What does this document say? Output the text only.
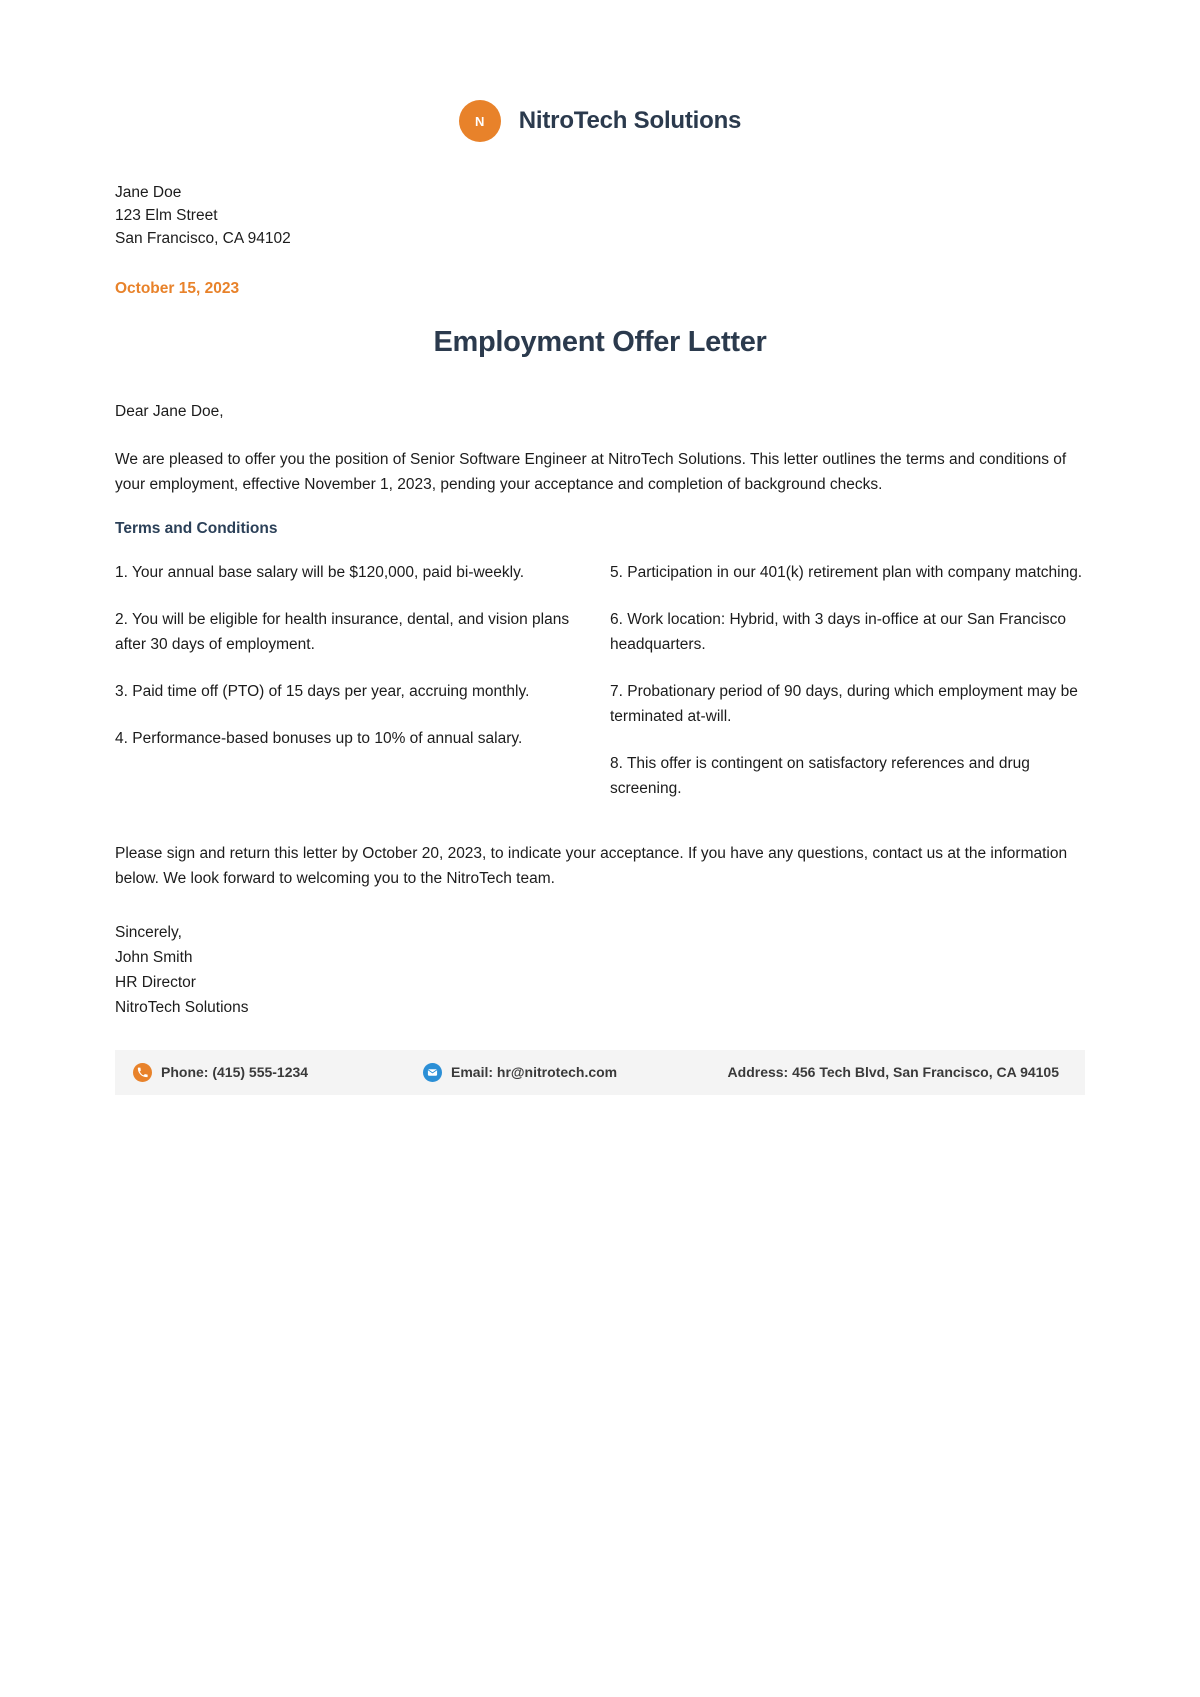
N	NitroTech Solutions
Jane Doe
123 Elm Street
San Francisco, CA 94102
October 15, 2023
Employment Offer Letter
Dear Jane Doe,

We are pleased to offer you the position of Senior Software Engineer at NitroTech Solutions. This letter outlines the terms and conditions of your employment, effective November 1, 2023, pending your acceptance and completion of background checks.

Terms and Conditions
1. Your annual base salary will be $120,000, paid bi-weekly.
2. You will be eligible for health insurance, dental, and vision plans after 30 days of employment.
3. Paid time off (PTO) of 15 days per year, accruing monthly.
4. Performance-based bonuses up to 10% of annual salary.
5. Participation in our 401(k) retirement plan with company matching.
6. Work location: Hybrid, with 3 days in-office at our San Francisco headquarters.
7. Probationary period of 90 days, during which employment may be terminated at-will.
8. This offer is contingent on satisfactory references and drug screening.

Please sign and return this letter by October 20, 2023, to indicate your acceptance. If you have any questions, contact us at the information below. We look forward to welcoming you to the NitroTech team.

Sincerely,
John Smith
HR Director
NitroTech Solutions
Phone: (415) 555-1234	Email: hr@nitrotech.com	Address: 456 Tech Blvd, San Francisco, CA 94105
